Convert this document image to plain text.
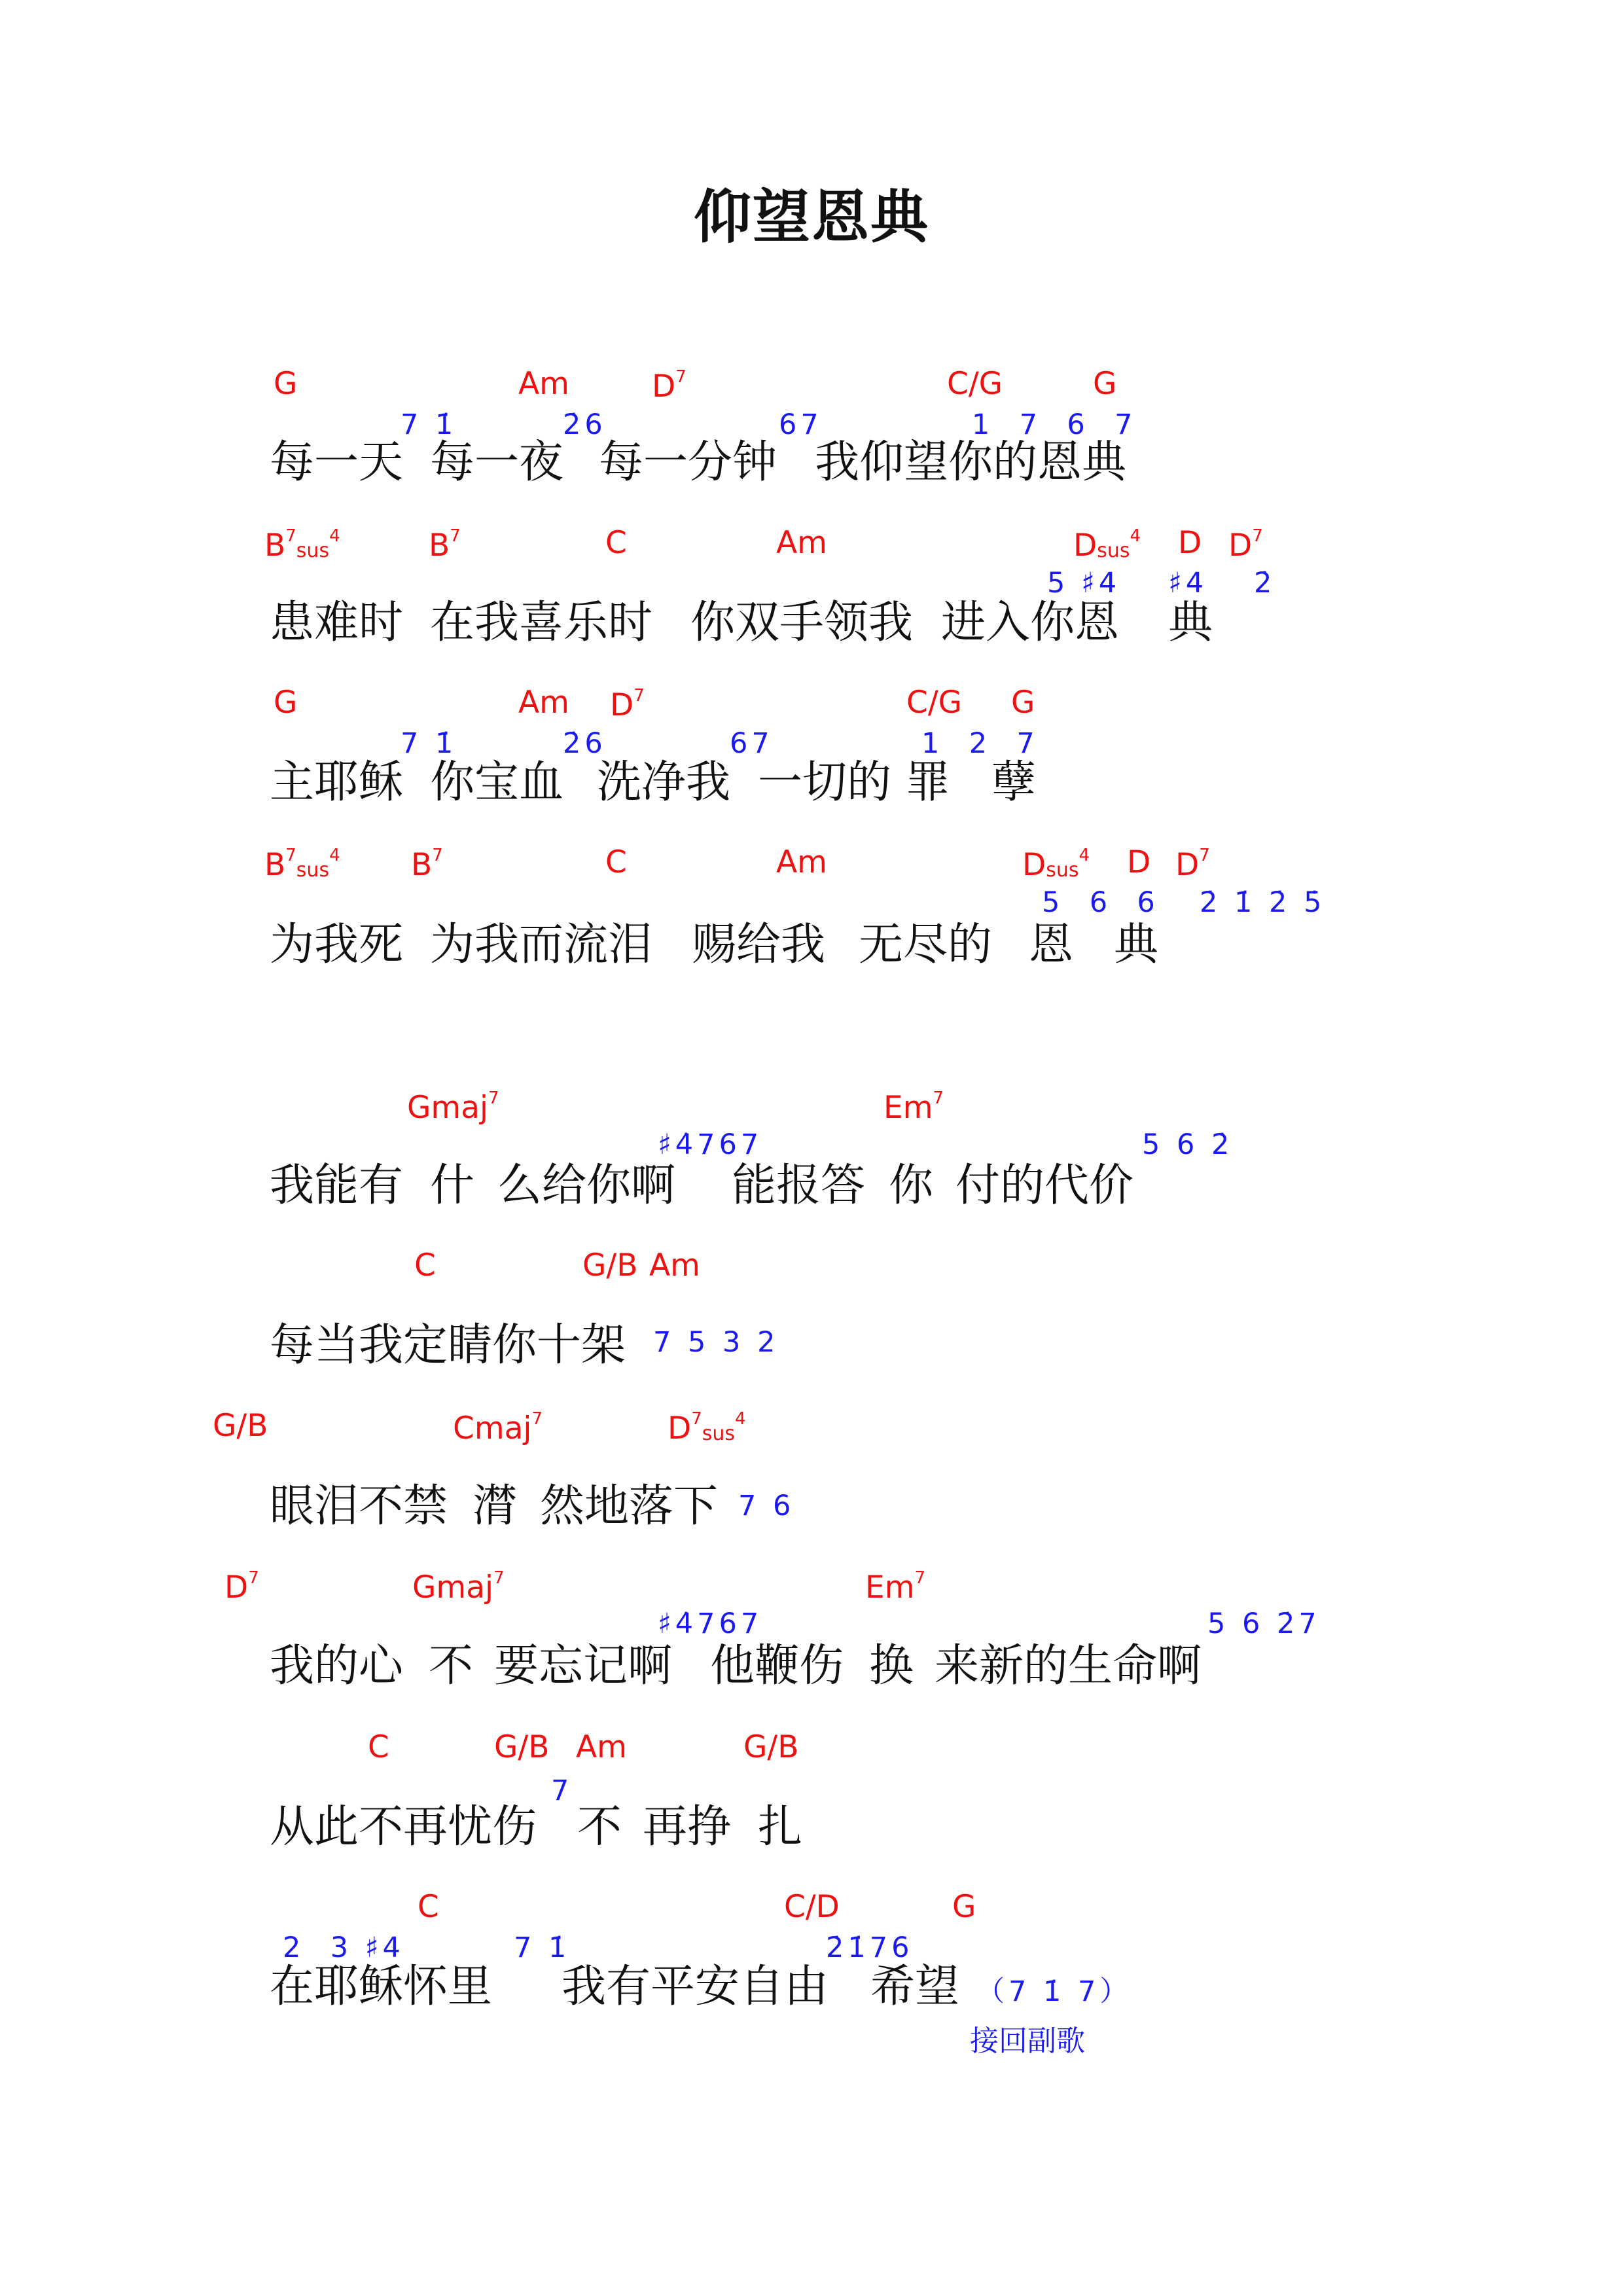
仰望恩典
G	Am	$D^7$	C/G	G
7 1̇	2̇6	67	1  7  6  7
每一天 每一夜 每一分钟 我仰望你的恩典
$B^7_{sus}^4$	$B^7$	C	Am	$D_{sus}^4$ D $D^7$
5 ♯4 ♯4 2̇
患难时 在我喜乐时 你双手领我 进入你恩 典
G	Am $D^7$	C/G G
7 1̇	2̇6	67	1  2  7
主耶稣 你宝血 洗净我 一切的 罪 孽
$B^7_{sus}^4$ $B^7$	C	Am	$D_{sus}^4$ D $D^7$
5  6  6 2̇ 1̇ 2̇ 5̇
为我死 为我而流泪 赐给我 无尽的 恩 典
Gmaj$^7$	Em$^7$
♯4̇767	5 6 2̇
我能有 什 么给你啊 能报答 你 付的代价
C	G/B Am
7 5 3 2
每当我定睛你十架
G/B	Cmaj$^7$	$D^7_{sus}^4$
7 6
眼泪不禁 潸 然地落下
$D^7$	Gmaj$^7$	Em$^7$
♯4̇767	5 6 2̇7
我的心 不 要忘记啊 他鞭伤 换 来新的生命啊
C	G/B Am	G/B
7
从此不再忧伤 不 再挣 扎
C	C/D	G
2  3 ♯4	7 1̇	2̇1̇76
在耶稣怀里 我有平安自由 希望 （7 1̇ 7）
接回副歌
